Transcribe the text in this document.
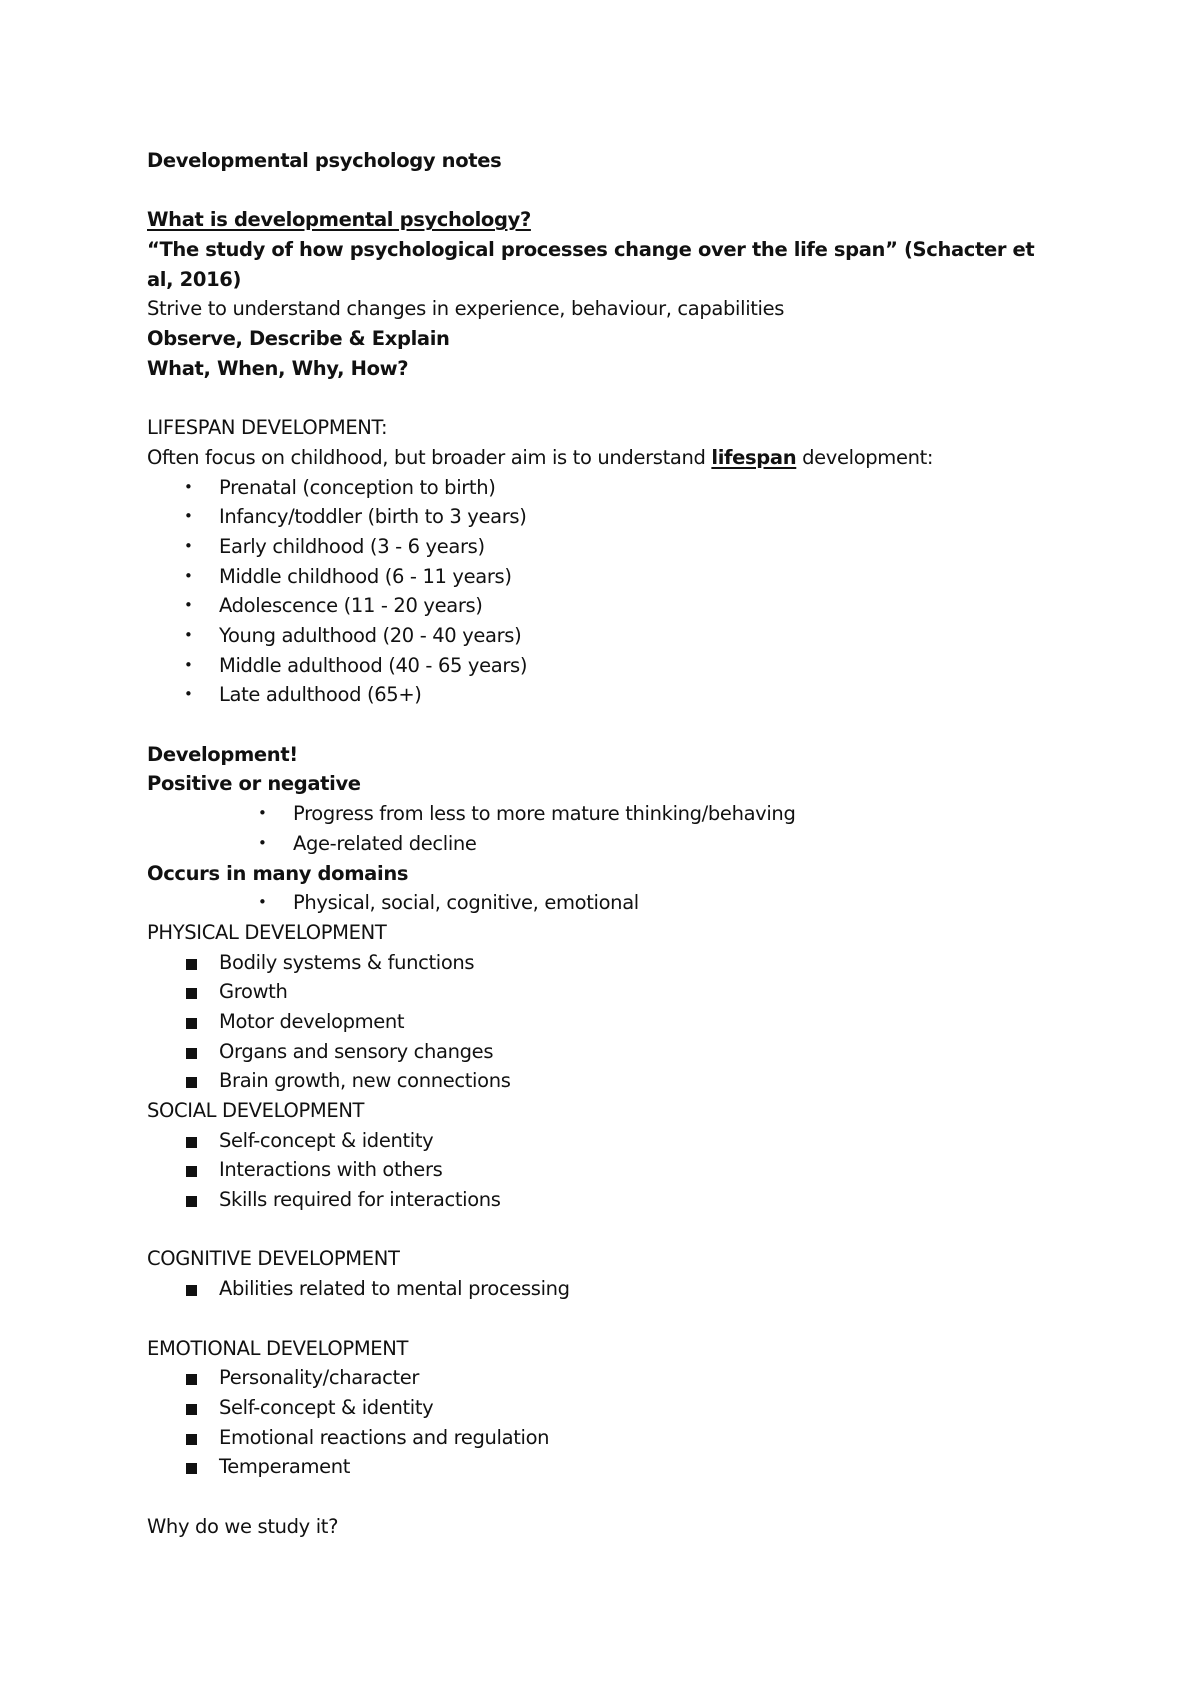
Developmental psychology notes
What is developmental psychology?
“The study of how psychological processes change over the life span” (Schacter et al, 2016)
Strive to understand changes in experience, behaviour, capabilities
Observe, Describe & Explain
What, When, Why, How?
LIFESPAN DEVELOPMENT:
Often focus on childhood, but broader aim is to understand lifespan development:
• Prenatal (conception to birth)
• Infancy/toddler (birth to 3 years)
• Early childhood (3 - 6 years)
• Middle childhood (6 - 11 years)
• Adolescence (11 - 20 years)
• Young adulthood (20 - 40 years)
• Middle adulthood (40 - 65 years)
• Late adulthood (65+)
Development!
Positive or negative
• Progress from less to more mature thinking/behaving
• Age-related decline
Occurs in many domains
• Physical, social, cognitive, emotional
PHYSICAL DEVELOPMENT
Bodily systems & functions
Growth
Motor development
Organs and sensory changes
Brain growth, new connections
SOCIAL DEVELOPMENT
Self-concept & identity
Interactions with others
Skills required for interactions
COGNITIVE DEVELOPMENT
Abilities related to mental processing
EMOTIONAL DEVELOPMENT
Personality/character
Self-concept & identity
Emotional reactions and regulation
Temperament
Why do we study it?
